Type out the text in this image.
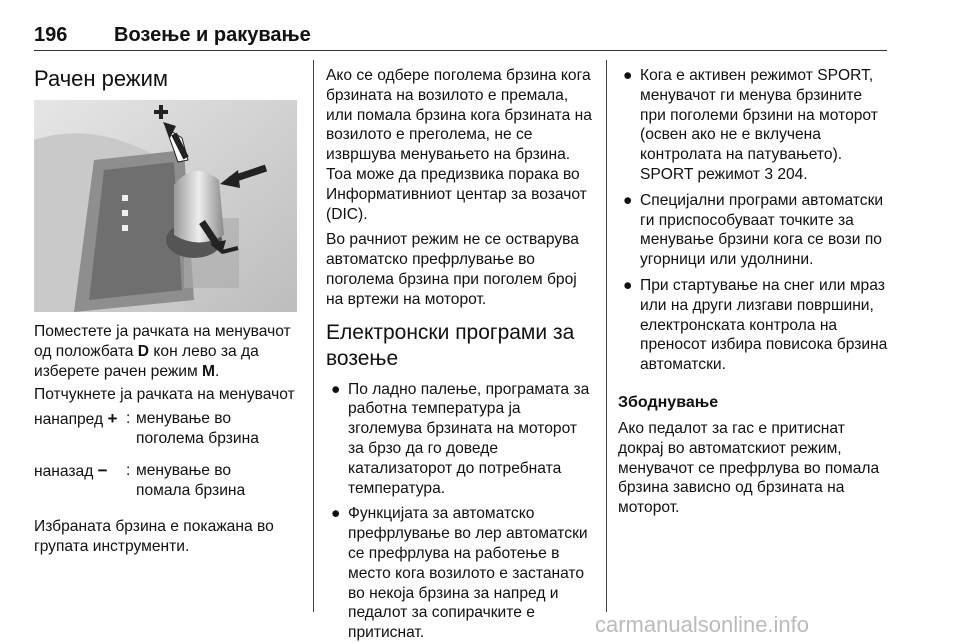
196 Возење и ракување
Рачен режим

Поместете ја рачката на менувачот од положбата D кон лево за да изберете рачен режим М.

Потчукнете ја рачката на менувачот

нанапред + : менување во поголема брзина
наназад − : менување во помала брзина

Избраната брзина е покажана во групата инструменти.

Ако се одбере поголема брзина кога брзината на возилото е премала, или помала брзина кога брзината на возилото е преголема, не се извршува менувањето на брзина. Тоа може да предизвика порака во Информативниот центар за возачот (DIC).

Во рачниот режим не се остварува автоматско префрлување во поголема брзина при поголем број на вртежи на моторот.

Електронски програми за возење
● По ладно палење, програмата за работна температура ја зголемува брзината на моторот за брзо да го доведе катализаторот до потребната температура.
● Функцијата за автоматско префрлување во лер автоматски се префрлува на работење в место кога возилото е застанато во некоја брзина за напред и педалот за сопирачките е притиснат.
● Кога е активен режимот SPORT, менувачот ги менува брзините при поголеми брзини на моторот (освен ако не е вклучена контролата на патувањето). SPORT режимот 3 204.
● Специјални програми автоматски ги приспособуваат точките за менување брзини кога се вози по угорници или удолнини.
● При стартување на снег или мраз или на други лизгави површини, електронската контрола на преносот избира повисока брзина автоматски.
Збоднување

Ако педалот за гас е притиснат докрај во автоматскиот режим, менувачот се префрлува во помала брзина зависно од брзината на моторот.

carmanualsonline.info
